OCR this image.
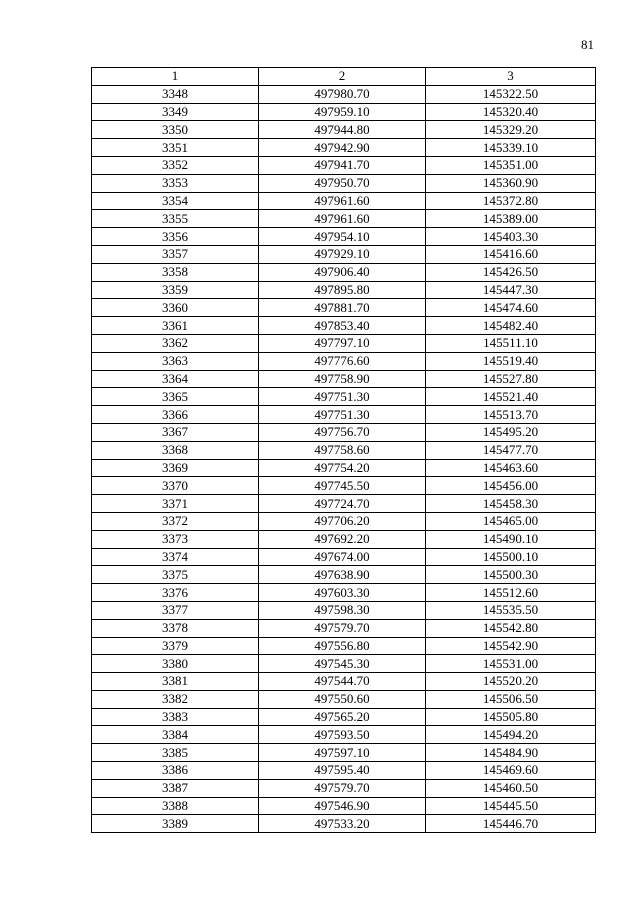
81
1	2	3
3348	497980.70	145322.50
3349	497959.10	145320.40
3350	497944.80	145329.20
3351	497942.90	145339.10
3352	497941.70	145351.00
3353	497950.70	145360.90
3354	497961.60	145372.80
3355	497961.60	145389.00
3356	497954.10	145403.30
3357	497929.10	145416.60
3358	497906.40	145426.50
3359	497895.80	145447.30
3360	497881.70	145474.60
3361	497853.40	145482.40
3362	497797.10	145511.10
3363	497776.60	145519.40
3364	497758.90	145527.80
3365	497751.30	145521.40
3366	497751.30	145513.70
3367	497756.70	145495.20
3368	497758.60	145477.70
3369	497754.20	145463.60
3370	497745.50	145456.00
3371	497724.70	145458.30
3372	497706.20	145465.00
3373	497692.20	145490.10
3374	497674.00	145500.10
3375	497638.90	145500.30
3376	497603.30	145512.60
3377	497598.30	145535.50
3378	497579.70	145542.80
3379	497556.80	145542.90
3380	497545.30	145531.00
3381	497544.70	145520.20
3382	497550.60	145506.50
3383	497565.20	145505.80
3384	497593.50	145494.20
3385	497597.10	145484.90
3386	497595.40	145469.60
3387	497579.70	145460.50
3388	497546.90	145445.50
3389	497533.20	145446.70
